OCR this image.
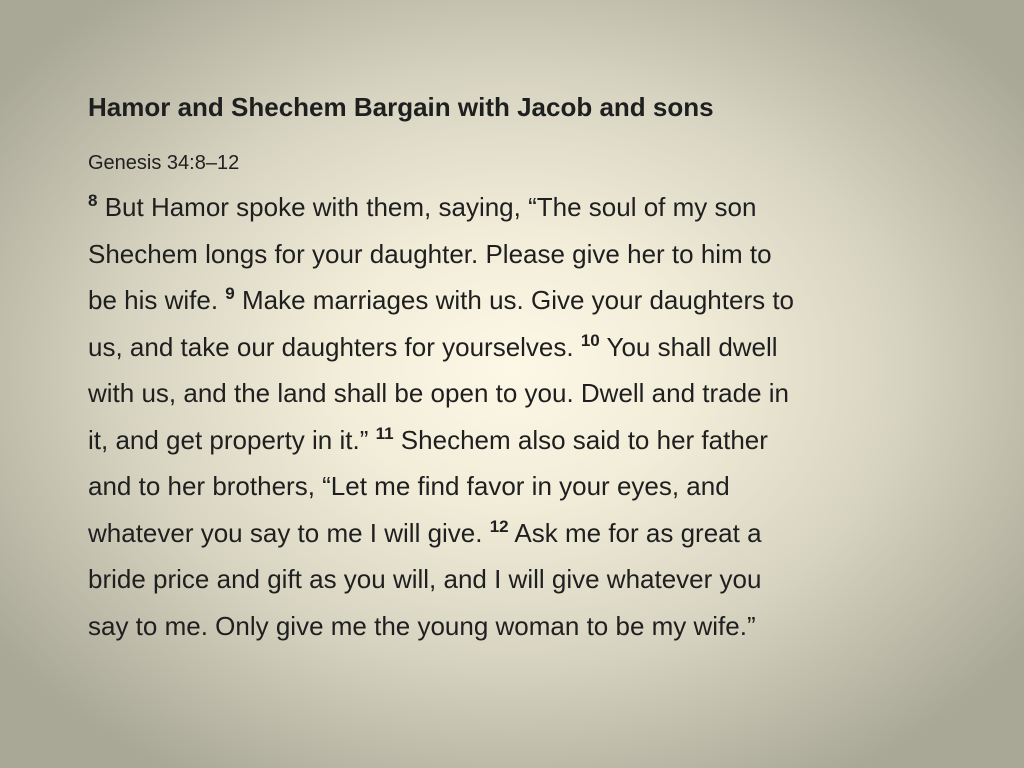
Hamor and Shechem Bargain with Jacob and sons
Genesis 34:8–12
$^8$ But Hamor spoke with them, saying, “The soul of my son
Shechem longs for your daughter. Please give her to him to
be his wife. $^9$ Make marriages with us. Give your daughters to
us, and take our daughters for yourselves. $^{10}$ You shall dwell
with us, and the land shall be open to you. Dwell and trade in
it, and get property in it.” $^{11}$ Shechem also said to her father
and to her brothers, “Let me find favor in your eyes, and
whatever you say to me I will give. $^{12}$ Ask me for as great a
bride price and gift as you will, and I will give whatever you
say to me. Only give me the young woman to be my wife.”
